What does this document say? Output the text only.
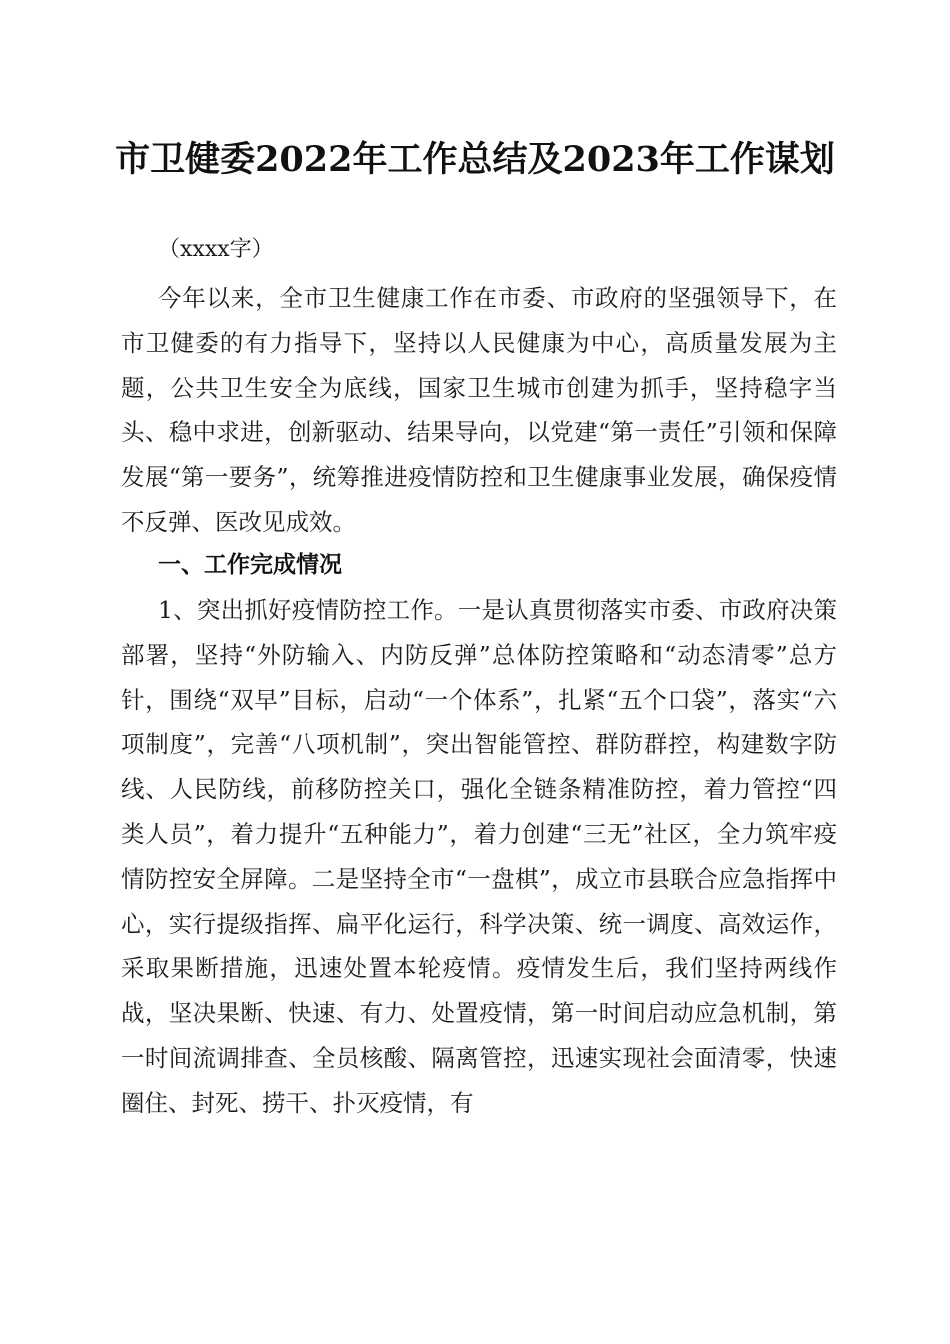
市卫健委2022年工作总结及2023年工作谋划
（xxxx字）

今年以来，全市卫生健康工作在市委、市政府的坚强领导下，在市卫健委的有力指导下，坚持以人民健康为中心，高质量发展为主题，公共卫生安全为底线，国家卫生城市创建为抓手，坚持稳字当头、稳中求进，创新驱动、结果导向，以党建“第一责任”引领和保障发展“第一要务”，统筹推进疫情防控和卫生健康事业发展，确保疫情不反弹、医改见成效。

一、工作完成情况

1、突出抓好疫情防控工作。一是认真贯彻落实市委、市政府决策部署，坚持“外防输入、内防反弹”总体防控策略和“动态清零”总方针，围绕“双早”目标，启动“一个体系”，扎紧“五个口袋”，落实“六项制度”，完善“八项机制”，突出智能管控、群防群控，构建数字防线、人民防线，前移防控关口，强化全链条精准防控，着力管控“四类人员”，着力提升“五种能力”，着力创建“三无”社区，全力筑牢疫情防控安全屏障。二是坚持全市“一盘棋”，成立市县联合应急指挥中心，实行提级指挥、扁平化运行，科学决策、统一调度、高效运作，采取果断措施，迅速处置本轮疫情。疫情发生后，我们坚持两线作战，坚决果断、快速、有力、处置疫情，第一时间启动应急机制，第一时间流调排查、全员核酸、隔离管控，迅速实现社会面清零，快速圈住、封死、捞干、扑灭疫情，有
